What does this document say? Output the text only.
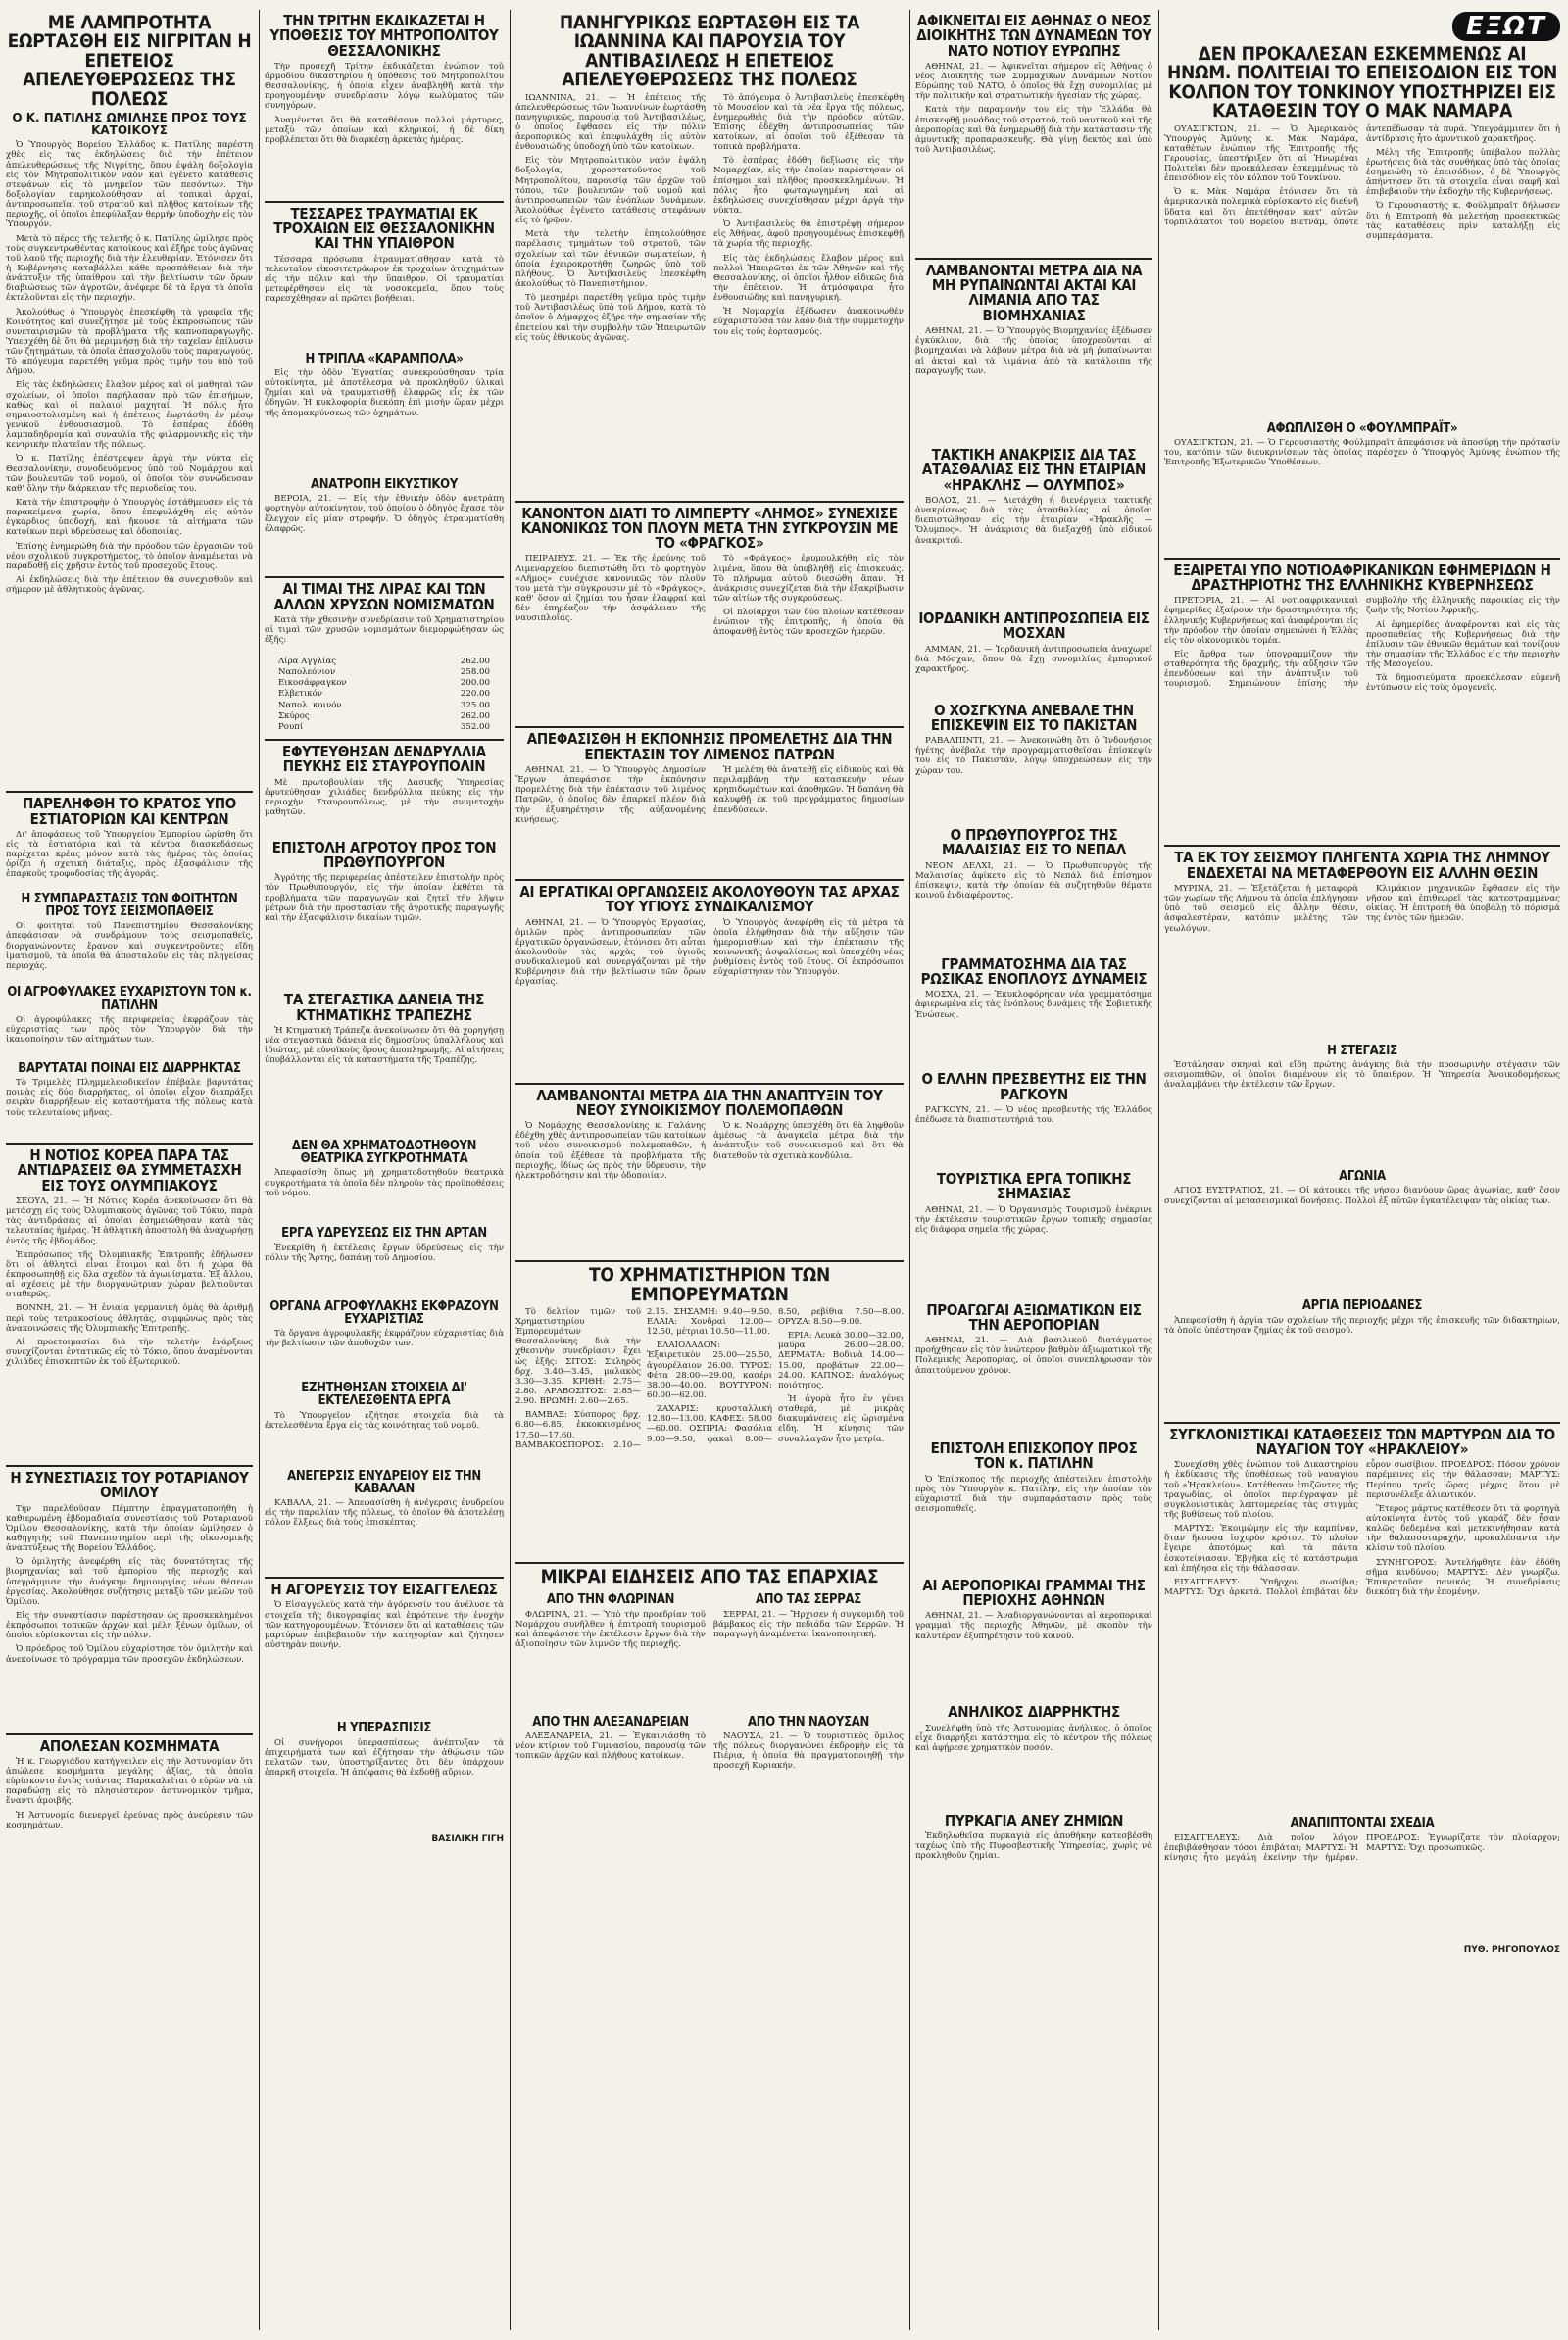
ΜΕ ΛΑΜΠΡΟΤΗΤΑ ΕΩΡΤΑΣΘΗ ΕΙΣ ΝΙΓΡΙΤΑΝ Η ΕΠΕΤΕΙΟΣ ΑΠΕΛΕΥΘΕΡΩΣΕΩΣ ΤΗΣ ΠΟΛΕΩΣ
Ο Κ. ΠΑΤΙΛΗΣ ΩΜΙΛΗΣΕ ΠΡΟΣ ΤΟΥΣ ΚΑΤΟΙΚΟΥΣ

Ὁ Ὑπουργὸς Βορείου Ἑλλάδος κ. Πατίλης παρέστη χθὲς εἰς τὰς ἐκδηλώσεις διὰ τὴν ἐπέτειον ἀπελευθερώσεως τῆς Νιγρίτης, ὅπου ἐψάλη δοξολογία εἰς τὸν Μητροπολιτικὸν ναὸν καὶ ἐγένετο κατάθεσις στεφάνων εἰς τὸ μνημεῖον τῶν πεσόντων. Τὴν δοξολογίαν παρηκολούθησαν αἱ τοπικαὶ ἀρχαί, ἀντιπροσωπεῖαι τοῦ στρατοῦ καὶ πλῆθος κατοίκων τῆς περιοχῆς, οἱ ὁποῖοι ἐπεφύλαξαν θερμὴν ὑποδοχὴν εἰς τὸν Ὑπουργόν.

Μετὰ τὸ πέρας τῆς τελετῆς ὁ κ. Πατίλης ὡμίλησε πρὸς τοὺς συγκεντρωθέντας κατοίκους καὶ ἐξῆρε τοὺς ἀγῶνας τοῦ λαοῦ τῆς περιοχῆς διὰ τὴν ἐλευθερίαν. Ἐτόνισεν ὅτι ἡ Κυβέρνησις καταβάλλει κάθε προσπάθειαν διὰ τὴν ἀνάπτυξιν τῆς ὑπαίθρου καὶ τὴν βελτίωσιν τῶν ὅρων διαβιώσεως τῶν ἀγροτῶν, ἀνέφερε δὲ τὰ ἔργα τὰ ὁποῖα ἐκτελοῦνται εἰς τὴν περιοχήν.

Ἀκολούθως ὁ Ὑπουργὸς ἐπεσκέφθη τὰ γραφεῖα τῆς Κοινότητος καὶ συνεζήτησε μὲ τοὺς ἐκπροσώπους τῶν συνεταιρισμῶν τὰ προβλήματα τῆς καπνοπαραγωγῆς. Ὑπεσχέθη δὲ ὅτι θὰ μεριμνήσῃ διὰ τὴν ταχεῖαν ἐπίλυσιν τῶν ζητημάτων, τὰ ὁποῖα ἀπασχολοῦν τοὺς παραγωγούς. Τὸ ἀπόγευμα παρετέθη γεῦμα πρὸς τιμὴν του ὑπὸ τοῦ Δήμου.

Εἰς τὰς ἐκδηλώσεις ἔλαβον μέρος καὶ οἱ μαθηταὶ τῶν σχολείων, οἱ ὁποῖοι παρήλασαν πρὸ τῶν ἐπισήμων, καθὼς καὶ οἱ παλαιοὶ μαχηταί. Ἡ πόλις ἦτο σημαιοστολισμένη καὶ ἡ ἐπέτειος ἐωρτάσθη ἐν μέσῳ γενικοῦ ἐνθουσιασμοῦ. Τὸ ἑσπέρας ἐδόθη λαμπαδηδρομία καὶ συναυλία τῆς φιλαρμονικῆς εἰς τὴν κεντρικὴν πλατεῖαν τῆς πόλεως.

Ὁ κ. Πατίλης ἐπέστρεψεν ἀργὰ τὴν νύκτα εἰς Θεσσαλονίκην, συνοδευόμενος ὑπὸ τοῦ Νομάρχου καὶ τῶν βουλευτῶν τοῦ νομοῦ, οἱ ὁποῖοι τὸν συνώδευσαν καθ' ὅλην τὴν διάρκειαν τῆς περιοδείας του.

Κατὰ τὴν ἐπιστροφὴν ὁ Ὑπουργὸς ἐστάθμευσεν εἰς τὰ παρακείμενα χωρία, ὅπου ἐπεφυλάχθη εἰς αὐτὸν ἐγκάρδιος ὑποδοχή, καὶ ἤκουσε τὰ αἰτήματα τῶν κατοίκων περὶ ὑδρεύσεως καὶ ὁδοποιίας.

Ἐπίσης ἐνημερώθη διὰ τὴν πρόοδον τῶν ἐργασιῶν τοῦ νέου σχολικοῦ συγκροτήματος, τὸ ὁποῖον ἀναμένεται νὰ παραδοθῇ εἰς χρῆσιν ἐντὸς τοῦ προσεχοῦς ἔτους.

Αἱ ἐκδηλώσεις διὰ τὴν ἐπέτειον θὰ συνεχισθοῦν καὶ σήμερον μὲ ἀθλητικοὺς ἀγῶνας.

ΠΑΡΕΛΗΦΘΗ ΤΟ ΚΡΑΤΟΣ ΥΠΟ ΕΣΤΙΑΤΟΡΙΩΝ ΚΑΙ ΚΕΝΤΡΩΝ

Δι' ἀποφάσεως τοῦ Ὑπουργείου Ἐμπορίου ὡρίσθη ὅτι εἰς τὰ ἑστιατόρια καὶ τὰ κέντρα διασκεδάσεως παρέχεται κρέας μόνον κατὰ τὰς ἡμέρας τὰς ὁποίας ὁρίζει ἡ σχετικὴ διάταξις, πρὸς ἐξασφάλισιν τῆς ἐπαρκοῦς τροφοδοσίας τῆς ἀγορᾶς.

Η ΣΥΜΠΑΡΑΣΤΑΣΙΣ ΤΩΝ ΦΟΙΤΗΤΩΝ ΠΡΟΣ ΤΟΥΣ ΣΕΙΣΜΟΠΑΘΕΙΣ

Οἱ φοιτηταὶ τοῦ Πανεπιστημίου Θεσσαλονίκης ἀπεφάσισαν νὰ συνδράμουν τοὺς σεισμοπαθεῖς, διοργανώνοντες ἔρανον καὶ συγκεντροῦντες εἴδη ἱματισμοῦ, τὰ ὁποῖα θὰ ἀποσταλοῦν εἰς τὰς πληγείσας περιοχάς.

ΟΙ ΑΓΡΟΦΥΛΑΚΕΣ ΕΥΧΑΡΙΣΤΟΥΝ ΤΟΝ κ. ΠΑΤΙΛΗΝ

Οἱ ἀγροφύλακες τῆς περιφερείας ἐκφράζουν τὰς εὐχαριστίας των πρὸς τὸν Ὑπουργὸν διὰ τὴν ἱκανοποίησιν τῶν αἰτημάτων των.

ΒΑΡΥΤΑΤΑΙ ΠΟΙΝΑΙ ΕΙΣ ΔΙΑΡΡΗΚΤΑΣ

Τὸ Τριμελὲς Πλημμελειοδικεῖον ἐπέβαλε βαρυτάτας ποινὰς εἰς δύο διαρρήκτας, οἱ ὁποῖοι εἶχον διαπράξει σειρὰν διαρρήξεων εἰς καταστήματα τῆς πόλεως κατὰ τοὺς τελευταίους μῆνας.

Η ΝΟΤΙΟΣ ΚΟΡΕΑ ΠΑΡΑ ΤΑΣ ΑΝΤΙΔΡΑΣΕΙΣ ΘΑ ΣΥΜΜΕΤΑΣΧΗ ΕΙΣ ΤΟΥΣ ΟΛΥΜΠΙΑΚΟΥΣ

ΣΕΟΥΛ, 21. — Ἡ Νότιος Κορέα ἀνεκοίνωσεν ὅτι θὰ μετάσχῃ εἰς τοὺς Ὀλυμπιακοὺς ἀγῶνας τοῦ Τόκιο, παρὰ τὰς ἀντιδράσεις αἱ ὁποῖαι ἐσημειώθησαν κατὰ τὰς τελευταίας ἡμέρας. Ἡ ἀθλητικὴ ἀποστολὴ θὰ ἀναχωρήσῃ ἐντὸς τῆς ἑβδομάδος.

Ἐκπρόσωπος τῆς Ὀλυμπιακῆς Ἐπιτροπῆς ἐδήλωσεν ὅτι οἱ ἀθληταὶ εἶναι ἕτοιμοι καὶ ὅτι ἡ χώρα θὰ ἐκπροσωπηθῇ εἰς ὅλα σχεδὸν τὰ ἀγωνίσματα. Ἐξ ἄλλου, αἱ σχέσεις μὲ τὴν διοργανώτριαν χώραν βελτιοῦνται σταθερῶς.

ΒΟΝΝΗ, 21. — Ἡ ἑνιαία γερμανικὴ ὁμὰς θὰ ἀριθμῇ περὶ τοὺς τετρακοσίους ἀθλητάς, συμφώνως πρὸς τὰς ἀνακοινώσεις τῆς Ὀλυμπιακῆς Ἐπιτροπῆς.

Αἱ προετοιμασίαι διὰ τὴν τελετὴν ἐνάρξεως συνεχίζονται ἐντατικῶς εἰς τὸ Τόκιο, ὅπου ἀναμένονται χιλιάδες ἐπισκεπτῶν ἐκ τοῦ ἐξωτερικοῦ.

Η ΣΥΝΕΣΤΙΑΣΙΣ ΤΟΥ ΡΟΤΑΡΙΑΝΟΥ ΟΜΙΛΟΥ

Τὴν παρελθοῦσαν Πέμπτην ἐπραγματοποιήθη ἡ καθιερωμένη ἑβδομαδιαία συνεστίασις τοῦ Ροταριανοῦ Ὁμίλου Θεσσαλονίκης, κατὰ τὴν ὁποίαν ὡμίλησεν ὁ καθηγητὴς τοῦ Πανεπιστημίου περὶ τῆς οἰκονομικῆς ἀναπτύξεως τῆς Βορείου Ἑλλάδος.

Ὁ ὁμιλητὴς ἀνεφέρθη εἰς τὰς δυνατότητας τῆς βιομηχανίας καὶ τοῦ ἐμπορίου τῆς περιοχῆς καὶ ὑπεγράμμισε τὴν ἀνάγκην δημιουργίας νέων θέσεων ἐργασίας. Ἀκολούθησε συζήτησις μεταξὺ τῶν μελῶν τοῦ Ὁμίλου.

Εἰς τὴν συνεστίασιν παρέστησαν ὡς προσκεκλημένοι ἐκπρόσωποι τοπικῶν ἀρχῶν καὶ μέλη ξένων ὁμίλων, οἱ ὁποῖοι εὑρίσκονται εἰς τὴν πόλιν.

Ὁ πρόεδρος τοῦ Ὁμίλου εὐχαρίστησε τὸν ὁμιλητὴν καὶ ἀνεκοίνωσε τὸ πρόγραμμα τῶν προσεχῶν ἐκδηλώσεων.

ΑΠΟΛΕΣΑΝ ΚΟΣΜΗΜΑΤΑ

Ἡ κ. Γεωργιάδου κατήγγειλεν εἰς τὴν Ἀστυνομίαν ὅτι ἀπώλεσε κοσμήματα μεγάλης ἀξίας, τὰ ὁποῖα εὑρίσκοντο ἐντὸς τσάντας. Παρακαλεῖται ὁ εὑρὼν νὰ τὰ παραδώσῃ εἰς τὸ πλησιέστερον ἀστυνομικὸν τμῆμα, ἔναντι ἀμοιβῆς.

Ἡ Ἀστυνομία διενεργεῖ ἐρεύνας πρὸς ἀνεύρεσιν τῶν κοσμημάτων.

ΤΗΝ ΤΡΙΤΗΝ ΕΚΔΙΚΑΖΕΤΑΙ Η ΥΠΟΘΕΣΙΣ ΤΟΥ ΜΗΤΡΟΠΟΛΙΤΟΥ ΘΕΣΣΑΛΟΝΙΚΗΣ

Τὴν προσεχῆ Τρίτην ἐκδικάζεται ἐνώπιον τοῦ ἁρμοδίου δικαστηρίου ἡ ὑπόθεσις τοῦ Μητροπολίτου Θεσσαλονίκης, ἡ ὁποία εἶχεν ἀναβληθῆ κατὰ τὴν προηγουμένην συνεδρίασιν λόγῳ κωλύματος τῶν συνηγόρων.

Ἀναμένεται ὅτι θὰ καταθέσουν πολλοὶ μάρτυρες, μεταξὺ τῶν ὁποίων καὶ κληρικοί, ἡ δὲ δίκη προβλέπεται ὅτι θὰ διαρκέσῃ ἀρκετὰς ἡμέρας.

ΤΕΣΣΑΡΕΣ ΤΡΑΥΜΑΤΙΑΙ ΕΚ ΤΡΟΧΑΙΩΝ ΕΙΣ ΘΕΣΣΑΛΟΝΙΚΗΝ ΚΑΙ ΤΗΝ ΥΠΑΙΘΡΟΝ

Τέσσαρα πρόσωπα ἐτραυματίσθησαν κατὰ τὸ τελευταῖον εἰκοσιτετράωρον ἐκ τροχαίων ἀτυχημάτων εἰς τὴν πόλιν καὶ τὴν ὕπαιθρον. Οἱ τραυματίαι μετεφέρθησαν εἰς τὰ νοσοκομεῖα, ὅπου τοὺς παρεσχέθησαν αἱ πρῶται βοήθειαι.

Η ΤΡΙΠΛΑ «ΚΑΡΑΜΠΟΛΑ»

Εἰς τὴν ὁδὸν Ἐγνατίας συνεκρούσθησαν τρία αὐτοκίνητα, μὲ ἀποτέλεσμα νὰ προκληθοῦν ὑλικαὶ ζημίαι καὶ νὰ τραυματισθῇ ἐλαφρῶς εἷς ἐκ τῶν ὁδηγῶν. Ἡ κυκλοφορία διεκόπη ἐπὶ μισὴν ὥραν μέχρι τῆς ἀπομακρύνσεως τῶν ὀχημάτων.

ΑΝΑΤΡΟΠΗ ΕΙΚΥΣΤΙΚΟΥ

ΒΕΡΟΙΑ, 21. — Εἰς τὴν ἐθνικὴν ὁδὸν ἀνετράπη φορτηγὸν αὐτοκίνητον, τοῦ ὁποίου ὁ ὁδηγὸς ἔχασε τὸν ἔλεγχον εἰς μίαν στροφήν. Ὁ ὁδηγὸς ἐτραυματίσθη ἐλαφρῶς.

ΑΙ ΤΙΜΑΙ ΤΗΣ ΛΙΡΑΣ ΚΑΙ ΤΩΝ ΑΛΛΩΝ ΧΡΥΣΩΝ ΝΟΜΙΣΜΑΤΩΝ

Κατὰ τὴν χθεσινὴν συνεδρίασιν τοῦ Χρηματιστηρίου αἱ τιμαὶ τῶν χρυσῶν νομισμάτων διεμορφώθησαν ὡς ἑξῆς:

Λίρα Αγγλίας	262.00
Ναπολεόνιον	258.00
Εικοσάφραγκον	200.00
Ελβετικόν	220.00
Ναπολ. κοινόν	325.00
Σκύρος	262.00
Ρουπί	352.00
ΕΦΥΤΕΥΘΗΣΑΝ ΔΕΝΔΡΥΛΛΙΑ ΠΕΥΚΗΣ ΕΙΣ ΣΤΑΥΡΟΥΠΟΛΙΝ

Μὲ πρωτοβουλίαν τῆς Δασικῆς Ὑπηρεσίας ἐφυτεύθησαν χιλιάδες δενδρύλλια πεύκης εἰς τὴν περιοχὴν Σταυρουπόλεως, μὲ τὴν συμμετοχὴν μαθητῶν.

ΕΠΙΣΤΟΛΗ ΑΓΡΟΤΟΥ ΠΡΟΣ ΤΟΝ ΠΡΩΘΥΠΟΥΡΓΟΝ

Ἀγρότης τῆς περιφερείας ἀπέστειλεν ἐπιστολὴν πρὸς τὸν Πρωθυπουργόν, εἰς τὴν ὁποίαν ἐκθέτει τὰ προβλήματα τῶν παραγωγῶν καὶ ζητεῖ τὴν λῆψιν μέτρων διὰ τὴν προστασίαν τῆς ἀγροτικῆς παραγωγῆς καὶ τὴν ἐξασφάλισιν δικαίων τιμῶν.

ΤΑ ΣΤΕΓΑΣΤΙΚΑ ΔΑΝΕΙΑ ΤΗΣ ΚΤΗΜΑΤΙΚΗΣ ΤΡΑΠΕΖΗΣ

Ἡ Κτηματικὴ Τράπεζα ἀνεκοίνωσεν ὅτι θὰ χορηγήσῃ νέα στεγαστικὰ δάνεια εἰς δημοσίους ὑπαλλήλους καὶ ἰδιώτας, μὲ εὐνοϊκοὺς ὅρους ἀποπληρωμῆς. Αἱ αἰτήσεις ὑποβάλλονται εἰς τὰ καταστήματα τῆς Τραπέζης.

ΔΕΝ ΘΑ ΧΡΗΜΑΤΟΔΟΤΗΘΟΥΝ ΘΕΑΤΡΙΚΑ ΣΥΓΚΡΟΤΗΜΑΤΑ

Ἀπεφασίσθη ὅπως μὴ χρηματοδοτηθοῦν θεατρικὰ συγκροτήματα τὰ ὁποῖα δὲν πληροῦν τὰς προϋποθέσεις τοῦ νόμου.

ΕΡΓΑ ΥΔΡΕΥΣΕΩΣ ΕΙΣ ΤΗΝ ΑΡΤΑΝ

Ἐνεκρίθη ἡ ἐκτέλεσις ἔργων ὑδρεύσεως εἰς τὴν πόλιν τῆς Ἄρτης, δαπάνῃ τοῦ Δημοσίου.

ΟΡΓΑΝΑ ΑΓΡΟΦΥΛΑΚΗΣ ΕΚΦΡΑΖΟΥΝ ΕΥΧΑΡΙΣΤΙΑΣ

Τὰ ὄργανα ἀγροφυλακῆς ἐκφράζουν εὐχαριστίας διὰ τὴν βελτίωσιν τῶν ἀποδοχῶν των.

ΕΖΗΤΗΘΗΣΑΝ ΣΤΟΙΧΕΙΑ ΔΙ' ΕΚΤΕΛΕΣΘΕΝΤΑ ΕΡΓΑ

Τὸ Ὑπουργεῖον ἐζήτησε στοιχεῖα διὰ τὰ ἐκτελεσθέντα ἔργα εἰς τὰς κοινότητας τοῦ νομοῦ.

ΑΝΕΓΕΡΣΙΣ ΕΝΥΔΡΕΙΟΥ ΕΙΣ ΤΗΝ ΚΑΒΑΛΑΝ

ΚΑΒΑΛΑ, 21. — Ἀπεφασίσθη ἡ ἀνέγερσις ἐνυδρείου εἰς τὴν παραλίαν τῆς πόλεως, τὸ ὁποῖον θὰ ἀποτελέσῃ πόλον ἕλξεως διὰ τοὺς ἐπισκέπτας.

Η ΑΓΟΡΕΥΣΙΣ ΤΟΥ ΕΙΣΑΓΓΕΛΕΩΣ

Ὁ Εἰσαγγελεὺς κατὰ τὴν ἀγόρευσίν του ἀνέλυσε τὰ στοιχεῖα τῆς δικογραφίας καὶ ἐπρότεινε τὴν ἐνοχὴν τῶν κατηγορουμένων. Ἐτόνισεν ὅτι αἱ καταθέσεις τῶν μαρτύρων ἐπιβεβαιοῦν τὴν κατηγορίαν καὶ ζήτησεν αὐστηρὰν ποινήν.

Η ΥΠΕΡΑΣΠΙΣΙΣ

Οἱ συνήγοροι ὑπερασπίσεως ἀνέπτυξαν τὰ ἐπιχειρήματά των καὶ ἐζήτησαν τὴν ἀθῴωσιν τῶν πελατῶν των, ὑποστηρίξαντες ὅτι δὲν ὑπάρχουν ἐπαρκῆ στοιχεῖα. Ἡ ἀπόφασις θὰ ἐκδοθῇ αὔριον.

ΒΑΣΙΛΙΚΗ ΓΙΓΗ
ΠΑΝΗΓΥΡΙΚΩΣ ΕΩΡΤΑΣΘΗ ΕΙΣ ΤΑ ΙΩΑΝΝΙΝΑ ΚΑΙ ΠΑΡΟΥΣΙΑ ΤΟΥ ΑΝΤΙΒΑΣΙΛΕΩΣ Η ΕΠΕΤΕΙΟΣ ΑΠΕΛΕΥΘΕΡΩΣΕΩΣ ΤΗΣ ΠΟΛΕΩΣ

ΙΩΑΝΝΙΝΑ, 21. — Ἡ ἐπέτειος τῆς ἀπελευθερώσεως τῶν Ἰωαννίνων ἐωρτάσθη πανηγυρικῶς, παρουσίᾳ τοῦ Ἀντιβασιλέως, ὁ ὁποῖος ἔφθασεν εἰς τὴν πόλιν ἀεροπορικῶς καὶ ἐπεφυλάχθη εἰς αὐτὸν ἐνθουσιώδης ὑποδοχή ὑπὸ τῶν κατοίκων.

Εἰς τὸν Μητροπολιτικὸν ναὸν ἐψάλη δοξολογία, χοροστατοῦντος τοῦ Μητροπολίτου, παρουσίᾳ τῶν ἀρχῶν τοῦ τόπου, τῶν βουλευτῶν τοῦ νομοῦ καὶ ἀντιπροσωπειῶν τῶν ἐνόπλων δυνάμεων. Ἀκολούθως ἐγένετο κατάθεσις στεφάνων εἰς τὸ ἡρῷον.

Μετὰ τὴν τελετὴν ἐπηκολούθησε παρέλασις τμημάτων τοῦ στρατοῦ, τῶν σχολείων καὶ τῶν ἐθνικῶν σωματείων, ἡ ὁποία ἐχειροκροτήθη ζωηρῶς ὑπὸ τοῦ πλήθους. Ὁ Ἀντιβασιλεὺς ἐπεσκέφθη ἀκολούθως τὸ Πανεπιστήμιον.

Τὸ μεσημέρι παρετέθη γεῦμα πρὸς τιμὴν τοῦ Ἀντιβασιλέως ὑπὸ τοῦ Δήμου, κατὰ τὸ ὁποῖον ὁ Δήμαρχος ἐξῆρε τὴν σημασίαν τῆς ἐπετείου καὶ τὴν συμβολὴν τῶν Ἠπειρωτῶν εἰς τοὺς ἐθνικοὺς ἀγῶνας.

Τὸ ἀπόγευμα ὁ Ἀντιβασιλεὺς ἐπεσκέφθη τὸ Μουσεῖον καὶ τὰ νέα ἔργα τῆς πόλεως, ἐνημερωθεὶς διὰ τὴν πρόοδον αὐτῶν. Ἐπίσης ἐδέχθη ἀντιπροσωπείας τῶν κατοίκων, αἱ ὁποῖαι τοῦ ἐξέθεσαν τὰ τοπικὰ προβλήματα.

Τὸ ἑσπέρας ἐδόθη δεξίωσις εἰς τὴν Νομαρχίαν, εἰς τὴν ὁποίαν παρέστησαν οἱ ἐπίσημοι καὶ πλῆθος προσκεκλημένων. Ἡ πόλις ἦτο φωταγωγημένη καὶ αἱ ἐκδηλώσεις συνεχίσθησαν μέχρι ἀργὰ τὴν νύκτα.

Ὁ Ἀντιβασιλεὺς θὰ ἐπιστρέψῃ σήμερον εἰς Ἀθήνας, ἀφοῦ προηγουμένως ἐπισκεφθῇ τὰ χωρία τῆς περιοχῆς.

Εἰς τὰς ἐκδηλώσεις ἔλαβον μέρος καὶ πολλοὶ Ἠπειρῶται ἐκ τῶν Ἀθηνῶν καὶ τῆς Θεσσαλονίκης, οἱ ὁποῖοι ἦλθον εἰδικῶς διὰ τὴν ἐπέτειον. Ἡ ἀτμόσφαιρα ἦτο ἐνθουσιώδης καὶ πανηγυρική.

Ἡ Νομαρχία ἐξέδωσεν ἀνακοινωθὲν εὐχαριστοῦσα τὸν λαὸν διὰ τὴν συμμετοχήν του εἰς τοὺς ἑορτασμούς.

ΚΑΝΟΝΤΟΝ ΔΙΑΤΙ ΤΟ ΛΙΜΠΕΡΤΥ «ΛΗΜΟΣ» ΣΥΝΕΧΙΣΕ ΚΑΝΟΝΙΚΩΣ ΤΟΝ ΠΛΟΥΝ ΜΕΤΑ ΤΗΝ ΣΥΓΚΡΟΥΣΙΝ ΜΕ ΤΟ «ΦΡΑΓΚΟΣ»

ΠΕΙΡΑΙΕΥΣ, 21. — Ἐκ τῆς ἐρεύνης τοῦ Λιμεναρχείου διεπιστώθη ὅτι τὸ φορτηγὸν «Λῆμος» συνέχισε κανονικῶς τὸν πλοῦν του μετὰ τὴν σύγκρουσιν μὲ τὸ «Φράγκος», καθ' ὅσον αἱ ζημίαι του ἦσαν ἐλαφραί καὶ δὲν ἐπηρέαζον τὴν ἀσφάλειαν τῆς ναυσιπλοΐας.

Τὸ «Φράγκος» ἐρυμουλκήθη εἰς τὸν λιμένα, ὅπου θὰ ὑποβληθῇ εἰς ἐπισκευάς. Τὸ πλήρωμα αὐτοῦ διεσώθη ἅπαν. Ἡ ἀνάκρισις συνεχίζεται διὰ τὴν ἐξακρίβωσιν τῶν αἰτίων τῆς συγκρούσεως.

Οἱ πλοίαρχοι τῶν δύο πλοίων κατέθεσαν ἐνώπιον τῆς ἐπιτροπῆς, ἡ ὁποία θὰ ἀποφανθῇ ἐντὸς τῶν προσεχῶν ἡμερῶν.

ΑΠΕΦΑΣΙΣΘΗ Η ΕΚΠΟΝΗΣΙΣ ΠΡΟΜΕΛΕΤΗΣ ΔΙΑ ΤΗΝ ΕΠΕΚΤΑΣΙΝ ΤΟΥ ΛΙΜΕΝΟΣ ΠΑΤΡΩΝ

ΑΘΗΝΑΙ, 21. — Ὁ Ὑπουργὸς Δημοσίων Ἔργων ἀπεφάσισε τὴν ἐκπόνησιν προμελέτης διὰ τὴν ἐπέκτασιν τοῦ λιμένος Πατρῶν, ὁ ὁποῖος δὲν ἐπαρκεῖ πλέον διὰ τὴν ἐξυπηρέτησιν τῆς αὐξανομένης κινήσεως.

Ἡ μελέτη θὰ ἀνατεθῇ εἰς εἰδικοὺς καὶ θὰ περιλαμβάνῃ τὴν κατασκευὴν νέων κρηπιδωμάτων καὶ ἀποθηκῶν. Ἡ δαπάνη θὰ καλυφθῇ ἐκ τοῦ προγράμματος δημοσίων ἐπενδύσεων.

ΑΙ ΕΡΓΑΤΙΚΑΙ ΟΡΓΑΝΩΣΕΙΣ ΑΚΟΛΟΥΘΟΥΝ ΤΑΣ ΑΡΧΑΣ ΤΟΥ ΥΓΙΟΥΣ ΣΥΝΔΙΚΑΛΙΣΜΟΥ

ΑΘΗΝΑΙ, 21. — Ὁ Ὑπουργὸς Ἐργασίας, ὁμιλῶν πρὸς ἀντιπροσωπείαν τῶν ἐργατικῶν ὀργανώσεων, ἐτόνισεν ὅτι αὗται ἀκολουθοῦν τὰς ἀρχὰς τοῦ ὑγιοῦς συνδικαλισμοῦ καὶ συνεργάζονται μὲ τὴν Κυβέρνησιν διὰ τὴν βελτίωσιν τῶν ὅρων ἐργασίας.

Ὁ Ὑπουργὸς ἀνεφέρθη εἰς τὰ μέτρα τὰ ὁποῖα ἐλήφθησαν διὰ τὴν αὔξησιν τῶν ἡμερομισθίων καὶ τὴν ἐπέκτασιν τῆς κοινωνικῆς ἀσφαλίσεως καὶ ὑπεσχέθη νέας ῥυθμίσεις ἐντὸς τοῦ ἔτους. Οἱ ἐκπρόσωποι εὐχαρίστησαν τὸν Ὑπουργόν.

ΛΑΜΒΑΝΟΝΤΑΙ ΜΕΤΡΑ ΔΙΑ ΤΗΝ ΑΝΑΠΤΥΞΙΝ ΤΟΥ ΝΕΟΥ ΣΥΝΟΙΚΙΣΜΟΥ ΠΟΛΕΜΟΠΑΘΩΝ

Ὁ Νομάρχης Θεσσαλονίκης κ. Γαλάνης ἐδέχθη χθὲς ἀντιπροσωπείαν τῶν κατοίκων τοῦ νέου συνοικισμοῦ πολεμοπαθῶν, ἡ ὁποία τοῦ ἐξέθεσε τὰ προβλήματα τῆς περιοχῆς, ἰδίως ὡς πρὸς τὴν ὕδρευσιν, τὴν ἠλεκτροδότησιν καὶ τὴν ὁδοποιίαν.

Ὁ κ. Νομάρχης ὑπεσχέθη ὅτι θὰ ληφθοῦν ἀμέσως τὰ ἀναγκαῖα μέτρα διὰ τὴν ἀνάπτυξιν τοῦ συνοικισμοῦ καὶ ὅτι θὰ διατεθοῦν τὰ σχετικὰ κονδύλια.

ΤΟ ΧΡΗΜΑΤΙΣΤΗΡΙΟΝ ΤΩΝ ΕΜΠΟΡΕΥΜΑΤΩΝ

Τὸ δελτίον τιμῶν τοῦ Χρηματιστηρίου Ἐμπορευμάτων Θεσσαλονίκης διὰ τὴν χθεσινὴν συνεδρίασιν ἔχει ὡς ἑξῆς: ΣΙΤΟΣ: Σκληρὸς δρχ. 3.40—3.45, μαλακὸς 3.30—3.35. ΚΡΙΘΗ: 2.75—2.80. ΑΡΑΒΟΣΙΤΟΣ: 2.85—2.90. ΒΡΩΜΗ: 2.60—2.65.

ΒΑΜΒΑΞ: Σύσπορος δρχ. 6.80—6.85, ἐκκοκκισμένος 17.50—17.60. ΒΑΜΒΑΚΟΣΠΟΡΟΣ: 2.10—2.15. ΣΗΣΑΜΗ: 9.40—9.50. ΕΛΑΙΑ: Χονδραὶ 12.00—12.50, μέτριαι 10.50—11.00.

ΕΛΑΙΟΛΑΔΟΝ: Ἐξαιρετικὸν 25.00—25.50, ἀγουρέλαιον 26.00. ΤΥΡΟΣ: Φέτα 28.00—29.00, κασέρι 38.00—40.00. ΒΟΥΤΥΡΟΝ: 60.00—62.00.

ΖΑΧΑΡΙΣ: κρυσταλλική 12.80—13.00. ΚΑΦΕΣ: 58.00—60.00. ΟΣΠΡΙΑ: Φασόλια 9.00—9.50, φακαὶ 8.00—8.50, ρεβίθια 7.50—8.00. ΟΡΥΖΑ: 8.50—9.00.

ΕΡΙΑ: Λευκὰ 30.00—32.00, μαῦρα 26.00—28.00. ΔΕΡΜΑΤΑ: Βοδινὰ 14.00—15.00, προβάτων 22.00—24.00. ΚΑΠΝΟΣ: ἀναλόγως ποιότητος.

Ἡ ἀγορὰ ἦτο ἐν γένει σταθερά, μὲ μικρὰς διακυμάνσεις εἰς ὡρισμένα εἴδη. Ἡ κίνησις τῶν συναλλαγῶν ἦτο μετρία.

ΜΙΚΡΑΙ ΕΙΔΗΣΕΙΣ ΑΠΟ ΤΑΣ ΕΠΑΡΧΙΑΣ
ΑΠΟ ΤΗΝ ΦΛΩΡΙΝΑΝ

ΦΛΩΡΙΝΑ, 21. — Ὑπὸ τὴν προεδρίαν τοῦ Νομάρχου συνῆλθεν ἡ ἐπιτροπὴ τουρισμοῦ καὶ ἀπεφάσισε τὴν ἐκτέλεσιν ἔργων διὰ τὴν ἀξιοποίησιν τῶν λιμνῶν τῆς περιοχῆς.

ΑΠΟ ΤΗΝ ΑΛΕΞΑΝΔΡΕΙΑΝ

ΑΛΕΞΑΝΔΡΕΙΑ, 21. — Ἐγκαινιάσθη τὸ νέον κτίριον τοῦ Γυμνασίου, παρουσίᾳ τῶν τοπικῶν ἀρχῶν καὶ πλήθους κατοίκων.

ΑΠΟ ΤΑΣ ΣΕΡΡΑΣ

ΣΕΡΡΑΙ, 21. — Ἤρχισεν ἡ συγκομιδὴ τοῦ βάμβακος εἰς τὴν πεδιάδα τῶν Σερρῶν. Ἡ παραγωγὴ ἀναμένεται ἱκανοποιητική.

ΑΠΟ ΤΗΝ ΝΑΟΥΣΑΝ

ΝΑΟΥΣΑ, 21. — Ὁ τουριστικὸς ὅμιλος τῆς πόλεως διοργανώνει ἐκδρομὴν εἰς τὰ Πιέρια, ἡ ὁποία θὰ πραγματοποιηθῇ τὴν προσεχῆ Κυριακήν.

ΑΦΙΚΝΕΙΤΑΙ ΕΙΣ ΑΘΗΝΑΣ Ο ΝΕΟΣ ΔΙΟΙΚΗΤΗΣ ΤΩΝ ΔΥΝΑΜΕΩΝ ΤΟΥ ΝΑΤΟ ΝΟΤΙΟΥ ΕΥΡΩΠΗΣ

ΑΘΗΝΑΙ, 21. — Ἀφικνεῖται σήμερον εἰς Ἀθήνας ὁ νέος Διοικητὴς τῶν Συμμαχικῶν Δυνάμεων Νοτίου Εὐρώπης τοῦ ΝΑΤΟ, ὁ ὁποῖος θὰ ἔχῃ συνομιλίας μὲ τὴν πολιτικὴν καὶ στρατιωτικὴν ἡγεσίαν τῆς χώρας.

Κατὰ τὴν παραμονήν του εἰς τὴν Ἑλλάδα θὰ ἐπισκεφθῇ μονάδας τοῦ στρατοῦ, τοῦ ναυτικοῦ καὶ τῆς ἀεροπορίας καὶ θὰ ἐνημερωθῇ διὰ τὴν κατάστασιν τῆς ἀμυντικῆς προπαρασκευῆς. Θὰ γίνῃ δεκτὸς καὶ ὑπὸ τοῦ Ἀντιβασιλέως.

ΛΑΜΒΑΝΟΝΤΑΙ ΜΕΤΡΑ ΔΙΑ ΝΑ ΜΗ ΡΥΠΑΙΝΩΝΤΑΙ ΑΚΤΑΙ ΚΑΙ ΛΙΜΑΝΙΑ ΑΠΟ ΤΑΣ ΒΙΟΜΗΧΑΝΙΑΣ

ΑΘΗΝΑΙ, 21. — Ὁ Ὑπουργὸς Βιομηχανίας ἐξέδωσεν ἐγκύκλιον, διὰ τῆς ὁποίας ὑποχρεοῦνται αἱ βιομηχανίαι νὰ λάβουν μέτρα διὰ νὰ μὴ ῥυπαίνωνται αἱ ἀκταὶ καὶ τὰ λιμάνια ἀπὸ τὰ κατάλοιπα τῆς παραγωγῆς των.

ΤΑΚΤΙΚΗ ΑΝΑΚΡΙΣΙΣ ΔΙΑ ΤΑΣ ΑΤΑΣΘΑΛΙΑΣ ΕΙΣ ΤΗΝ ΕΤΑΙΡΙΑΝ «ΗΡΑΚΛΗΣ — ΟΛΥΜΠΟΣ»

ΒΟΛΟΣ, 21. — Διετάχθη ἡ διενέργεια τακτικῆς ἀνακρίσεως διὰ τὰς ἀτασθαλίας αἱ ὁποῖαι διεπιστώθησαν εἰς τὴν ἑταιρίαν «Ἡρακλῆς — Ὄλυμπος». Ἡ ἀνάκρισις θὰ διεξαχθῇ ὑπὸ εἰδικοῦ ἀνακριτοῦ.

ΙΟΡΔΑΝΙΚΗ ΑΝΤΙΠΡΟΣΩΠΕΙΑ ΕΙΣ ΜΟΣΧΑΝ

ΑΜΜΑΝ, 21. — Ἰορδανικὴ ἀντιπροσωπεία ἀναχωρεῖ διὰ Μόσχαν, ὅπου θὰ ἔχῃ συνομιλίας ἐμπορικοῦ χαρακτῆρος.

Ο ΧΟΣΓΚΥΝΑ ΑΝΕΒΑΛΕ ΤΗΝ ΕΠΙΣΚΕΨΙΝ ΕΙΣ ΤΟ ΠΑΚΙΣΤΑΝ

ΡΑΒΑΛΠΙΝΤΙ, 21. — Ἀνεκοινώθη ὅτι ὁ Ἰνδονήσιος ἡγέτης ἀνέβαλε τὴν προγραμματισθεῖσαν ἐπίσκεψίν του εἰς τὸ Πακιστάν, λόγῳ ὑποχρεώσεων εἰς τὴν χώραν του.

Ο ΠΡΩΘΥΠΟΥΡΓΟΣ ΤΗΣ ΜΑΛΑΙΣΙΑΣ ΕΙΣ ΤΟ ΝΕΠΑΛ

ΝΕΟΝ ΔΕΛΧΙ, 21. — Ὁ Πρωθυπουργὸς τῆς Μαλαισίας ἀφίκετο εἰς τὸ Νεπάλ διὰ ἐπίσημον ἐπίσκεψιν, κατὰ τὴν ὁποίαν θὰ συζητηθοῦν θέματα κοινοῦ ἐνδιαφέροντος.

ΓΡΑΜΜΑΤΟΣΗΜΑ ΔΙΑ ΤΑΣ ΡΩΣΙΚΑΣ ΕΝΟΠΛΟΥΣ ΔΥΝΑΜΕΙΣ

ΜΟΣΧΑ, 21. — Ἐκυκλοφόρησαν νέα γραμματόσημα ἀφιερωμένα εἰς τὰς ἐνόπλους δυνάμεις τῆς Σοβιετικῆς Ἑνώσεως.

Ο ΕΛΛΗΝ ΠΡΕΣΒΕΥΤΗΣ ΕΙΣ ΤΗΝ ΡΑΓΚΟΥΝ

ΡΑΓΚΟΥΝ, 21. — Ὁ νέος πρεσβευτὴς τῆς Ἑλλάδος ἐπέδωσε τὰ διαπιστευτήριά του.

ΤΟΥΡΙΣΤΙΚΑ ΕΡΓΑ ΤΟΠΙΚΗΣ ΣΗΜΑΣΙΑΣ

ΑΘΗΝΑΙ, 21. — Ὁ Ὀργανισμὸς Τουρισμοῦ ἐνέκρινε τὴν ἐκτέλεσιν τουριστικῶν ἔργων τοπικῆς σημασίας εἰς διάφορα σημεῖα τῆς χώρας.

ΠΡΟΑΓΩΓΑΙ ΑΞΙΩΜΑΤΙΚΩΝ ΕΙΣ ΤΗΝ ΑΕΡΟΠΟΡΙΑΝ

ΑΘΗΝΑΙ, 21. — Διὰ βασιλικοῦ διατάγματος προήχθησαν εἰς τὸν ἀνώτερον βαθμὸν ἀξιωματικοὶ τῆς Πολεμικῆς Ἀεροπορίας, οἱ ὁποῖοι συνεπλήρωσαν τὸν ἀπαιτούμενον χρόνον.

ΕΠΙΣΤΟΛΗ ΕΠΙΣΚΟΠΟΥ ΠΡΟΣ ΤΟΝ κ. ΠΑΤΙΛΗΝ

Ὁ Ἐπίσκοπος τῆς περιοχῆς ἀπέστειλεν ἐπιστολὴν πρὸς τὸν Ὑπουργὸν κ. Πατίλην, εἰς τὴν ὁποίαν τὸν εὐχαριστεῖ διὰ τὴν συμπαράστασιν πρὸς τοὺς σεισμοπαθεῖς.

ΑΙ ΑΕΡΟΠΟΡΙΚΑΙ ΓΡΑΜΜΑΙ ΤΗΣ ΠΕΡΙΟΧΗΣ ΑΘΗΝΩΝ

ΑΘΗΝΑΙ, 21. — Ἀναδιοργανώνονται αἱ ἀεροπορικαὶ γραμμαὶ τῆς περιοχῆς Ἀθηνῶν, μὲ σκοπὸν τὴν καλυτέραν ἐξυπηρέτησιν τοῦ κοινοῦ.

ΑΝΗΛΙΚΟΣ ΔΙΑΡΡΗΚΤΗΣ

Συνελήφθη ὑπὸ τῆς Ἀστυνομίας ἀνήλικος, ὁ ὁποῖος εἶχε διαρρήξει κατάστημα εἰς τὸ κέντρον τῆς πόλεως καὶ ἀφῄρεσε χρηματικὸν ποσόν.

ΠΥΡΚΑΓΙΑ ΑΝΕΥ ΖΗΜΙΩΝ

Ἐκδηλωθεῖσα πυρκαγιὰ εἰς ἀποθήκην κατεσβέσθη ταχέως ὑπὸ τῆς Πυροσβεστικῆς Ὑπηρεσίας, χωρὶς νὰ προκληθοῦν ζημίαι.

ΕΞΩΤ
ΔΕΝ ΠΡΟΚΑΛΕΣΑΝ ΕΣΚΕΜΜΕΝΩΣ ΑΙ ΗΝΩΜ. ΠΟΛΙΤΕΙΑΙ ΤΟ ΕΠΕΙΣΟΔΙΟΝ ΕΙΣ ΤΟΝ ΚΟΛΠΟΝ ΤΟΥ ΤΟΝΚΙΝΟΥ ΥΠΟΣΤΗΡΙΖΕΙ ΕΙΣ ΚΑΤΑΘΕΣΙΝ ΤΟΥ Ο ΜΑΚ ΝΑΜΑΡΑ

ΟΥΑΣΙΓΚΤΩΝ, 21. — Ὁ Ἀμερικανὸς Ὑπουργὸς Ἀμύνης κ. Μὰκ Ναμάρα, καταθέτων ἐνώπιον τῆς Ἐπιτροπῆς τῆς Γερουσίας, ὑπεστήριξεν ὅτι αἱ Ἡνωμέναι Πολιτεῖαι δὲν προεκάλεσαν ἐσκεμμένως τὸ ἐπεισόδιον εἰς τὸν κόλπον τοῦ Τονκίνου.

Ὁ κ. Μὰκ Ναμάρα ἐτόνισεν ὅτι τὰ ἀμερικανικὰ πολεμικὰ εὑρίσκοντο εἰς διεθνῆ ὕδατα καὶ ὅτι ἐπετέθησαν κατ' αὐτῶν τορπιλάκατοι τοῦ Βορείου Βιετνάμ, ὁπότε ἀντεπέδωσαν τὰ πυρά. Ὑπεγράμμισεν ὅτι ἡ ἀντίδρασις ἦτο ἀμυντικοῦ χαρακτῆρος.

Μέλη τῆς Ἐπιτροπῆς ὑπέβαλον πολλὰς ἐρωτήσεις διὰ τὰς συνθήκας ὑπὸ τὰς ὁποίας ἐσημειώθη τὸ ἐπεισόδιον, ὁ δὲ Ὑπουργὸς ἀπήντησεν ὅτι τὰ στοιχεῖα εἶναι σαφῆ καὶ ἐπιβεβαιοῦν τὴν ἐκδοχὴν τῆς Κυβερνήσεως.

Ὁ Γερουσιαστὴς κ. Φούλμπραϊτ δήλωσεν ὅτι ἡ Ἐπιτροπὴ θὰ μελετήσῃ προσεκτικῶς τὰς καταθέσεις πρὶν καταλήξῃ εἰς συμπεράσματα.

ΑΦΩΠΛΙΣΘΗ Ο «ΦΟΥΛΜΠΡΑΪΤ»

ΟΥΑΣΙΓΚΤΩΝ, 21. — Ὁ Γερουσιαστὴς Φούλμπραϊτ ἀπεφάσισε νὰ ἀποσύρῃ τὴν πρότασίν του, κατόπιν τῶν διευκρινίσεων τὰς ὁποίας παρέσχεν ὁ Ὑπουργὸς Ἀμύνης ἐνώπιον τῆς Ἐπιτροπῆς Ἐξωτερικῶν Ὑποθέσεων.

ΕΞΑΙΡΕΤΑΙ ΥΠΟ ΝΟΤΙΟΑΦΡΙΚΑΝΙΚΩΝ ΕΦΗΜΕΡΙΔΩΝ Η ΔΡΑΣΤΗΡΙΟΤΗΣ ΤΗΣ ΕΛΛΗΝΙΚΗΣ ΚΥΒΕΡΝΗΣΕΩΣ

ΠΡΕΤΟΡΙΑ, 21. — Αἱ νοτιοαφρικανικαὶ ἐφημερίδες ἐξαίρουν τὴν δραστηριότητα τῆς ἑλληνικῆς Κυβερνήσεως καὶ ἀναφέρονται εἰς τὴν πρόοδον τὴν ὁποίαν σημειώνει ἡ Ἑλλὰς εἰς τὸν οἰκονομικὸν τομέα.

Εἰς ἄρθρα των ὑπογραμμίζουν τὴν σταθερότητα τῆς δραχμῆς, τὴν αὔξησιν τῶν ἐπενδύσεων καὶ τὴν ἀνάπτυξιν τοῦ τουρισμοῦ. Σημειώνουν ἐπίσης τὴν συμβολὴν τῆς ἑλληνικῆς παροικίας εἰς τὴν ζωὴν τῆς Νοτίου Ἀφρικῆς.

Αἱ ἐφημερίδες ἀναφέρονται καὶ εἰς τὰς προσπαθείας τῆς Κυβερνήσεως διὰ τὴν ἐπίλυσιν τῶν ἐθνικῶν θεμάτων καὶ τονίζουν τὴν σημασίαν τῆς Ἑλλάδος εἰς τὴν περιοχὴν τῆς Μεσογείου.

Τὰ δημοσιεύματα προεκάλεσαν εὐμενῆ ἐντύπωσιν εἰς τοὺς ὁμογενεῖς.

ΤΑ ΕΚ ΤΟΥ ΣΕΙΣΜΟΥ ΠΛΗΓΕΝΤΑ ΧΩΡΙΑ ΤΗΣ ΛΗΜΝΟΥ ΕΝΔΕΧΕΤΑΙ ΝΑ ΜΕΤΑΦΕΡΘΟΥΝ ΕΙΣ ΑΛΛΗΝ ΘΕΣΙΝ

ΜΥΡΙΝΑ, 21. — Ἐξετάζεται ἡ μεταφορὰ τῶν χωρίων τῆς Λήμνου τὰ ὁποῖα ἐπλήγησαν ὑπὸ τοῦ σεισμοῦ εἰς ἄλλην θέσιν, ἀσφαλεστέραν, κατόπιν μελέτης τῶν γεωλόγων.

Κλιμάκιον μηχανικῶν ἔφθασεν εἰς τὴν νῆσον καὶ ἐπιθεωρεῖ τὰς κατεστραμμένας οἰκίας. Ἡ ἐπιτροπὴ θὰ ὑποβάλῃ τὸ πόρισμά της ἐντὸς τῶν ἡμερῶν.

Η ΣΤΕΓΑΣΙΣ

Ἐστάλησαν σκηναὶ καὶ εἴδη πρώτης ἀνάγκης διὰ τὴν προσωρινὴν στέγασιν τῶν σεισμοπαθῶν, οἱ ὁποῖοι διαμένουν εἰς τὸ ὕπαιθρον. Ἡ Ὑπηρεσία Ἀνοικοδομήσεως ἀναλαμβάνει τὴν ἐκτέλεσιν τῶν ἔργων.

ΑΓΩΝΙΑ

ΑΓΙΟΣ ΕΥΣΤΡΑΤΙΟΣ, 21. — Οἱ κάτοικοι τῆς νήσου διανύουν ὥρας ἀγωνίας, καθ' ὅσον συνεχίζονται αἱ μετασεισμικαὶ δονήσεις. Πολλοὶ ἐξ αὐτῶν ἐγκατέλειψαν τὰς οἰκίας των.

ΑΡΓΙΑ ΠΕΡΙΟΔΑΝΕΣ

Ἀπεφασίσθη ἡ ἀργία τῶν σχολείων τῆς περιοχῆς μέχρι τῆς ἐπισκευῆς τῶν διδακτηρίων, τὰ ὁποῖα ὑπέστησαν ζημίας ἐκ τοῦ σεισμοῦ.

ΣΥΓΚΛΟΝΙΣΤΙΚΑΙ ΚΑΤΑΘΕΣΕΙΣ ΤΩΝ ΜΑΡΤΥΡΩΝ ΔΙΑ ΤΟ ΝΑΥΑΓΙΟΝ ΤΟΥ «ΗΡΑΚΛΕΙΟΥ»

Συνεχίσθη χθὲς ἐνώπιον τοῦ Δικαστηρίου ἡ ἐκδίκασις τῆς ὑποθέσεως τοῦ ναυαγίου τοῦ «Ἡρακλείου». Κατέθεσαν ἐπιζῶντες τῆς τραγωδίας, οἱ ὁποῖοι περιέγραψαν μὲ συγκλονιστικὰς λεπτομερείας τὰς στιγμὰς τῆς βυθίσεως τοῦ πλοίου.

ΜΑΡΤΥΣ: Ἐκοιμώμην εἰς τὴν καμπίναν, ὅταν ἤκουσα ἰσχυρὸν κρότον. Τὸ πλοῖον ἔγειρε ἀποτόμως καὶ τὰ πάντα ἐσκοτείνιασαν. Ἐβγῆκα εἰς τὸ κατάστρωμα καὶ ἐπήδησα εἰς τὴν θάλασσαν.

ΕΙΣΑΓΓΕΛΕΥΣ: Ὑπῆρχον σωσίβια; ΜΑΡΤΥΣ: Ὄχι ἀρκετά. Πολλοὶ ἐπιβάται δὲν εὗρον σωσίβιον. ΠΡΟΕΔΡΟΣ: Πόσον χρόνον παρέμεινες εἰς τὴν θάλασσαν; ΜΑΡΤΥΣ: Περίπου τρεῖς ὥρας μέχρις ὅτου μὲ περισυνέλεξε ἁλιευτικόν.

Ἕτερος μάρτυς κατέθεσεν ὅτι τὰ φορτηγὰ αὐτοκίνητα ἐντὸς τοῦ γκαράζ δὲν ἦσαν καλῶς δεδεμένα καὶ μετεκινήθησαν κατὰ τὴν θαλασσοταραχήν, προκαλέσαντα τὴν κλίσιν τοῦ πλοίου.

ΣΥΝΗΓΟΡΟΣ: Ἀντελήφθητε ἐὰν ἐδόθη σῆμα κινδύνου; ΜΑΡΤΥΣ: Δὲν γνωρίζω. Ἐπικρατοῦσε πανικός. Ἡ συνεδρίασις διεκόπη διὰ τὴν ἐπομένην.

ΑΝΑΠΙΠΤΟΝΤΑΙ ΣΧΕΔΙΑ

ΕΙΣΑΓΓΕΛΕΥΣ: Διὰ ποῖον λόγον ἐπεβιβάσθησαν τόσοι ἐπιβάται; ΜΑΡΤΥΣ: Ἡ κίνησις ἦτο μεγάλη ἐκείνην τὴν ἡμέραν. ΠΡΟΕΔΡΟΣ: Ἐγνωρίζατε τὸν πλοίαρχον; ΜΑΡΤΥΣ: Ὄχι προσωπικῶς.

ΠΥΘ. ΡΗΓΟΠΟΥΛΟΣ
